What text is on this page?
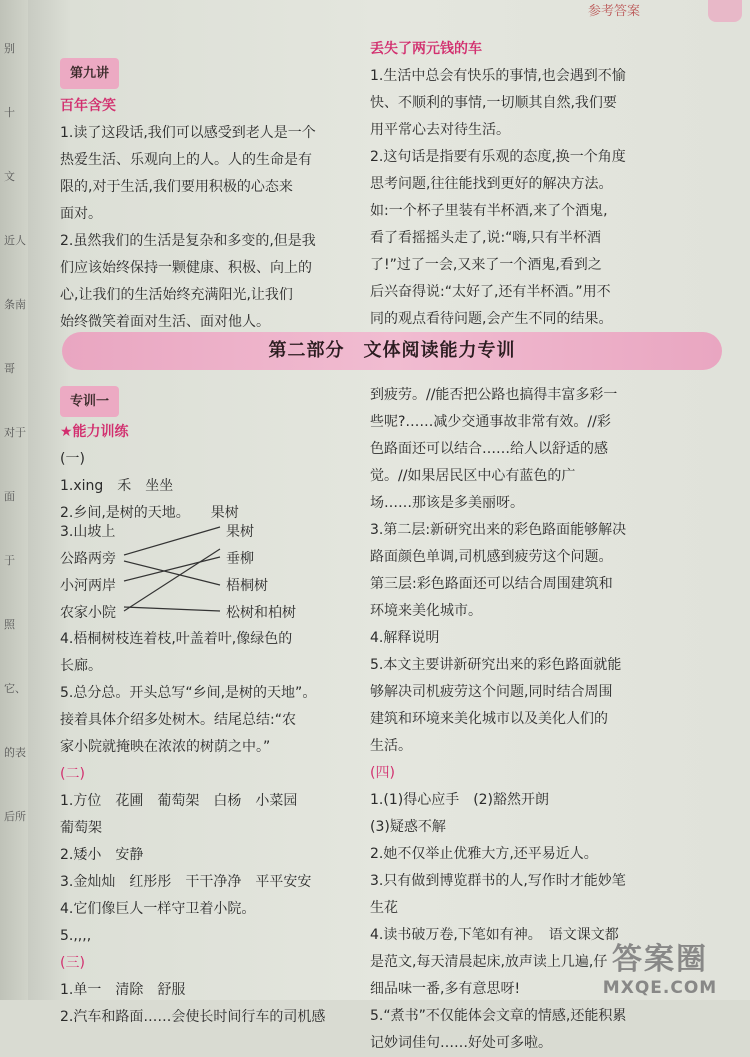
别
十
文
近人
条南
哥
对于
面
于
照
它、
的表
后所
参考答案
第九讲
百年含笑

1.读了这段话,我们可以感受到老人是一个

热爱生活、乐观向上的人。人的生命是有

限的,对于生活,我们要用积极的心态来

面对。

2.虽然我们的生活是复杂和多变的,但是我

们应该始终保持一颗健康、积极、向上的

心,让我们的生活始终充满阳光,让我们

始终微笑着面对生活、面对他人。

丢失了两元钱的车

1.生活中总会有快乐的事情,也会遇到不愉

快、不顺利的事情,一切顺其自然,我们要

用平常心去对待生活。

2.这句话是指要有乐观的态度,换一个角度

思考问题,往往能找到更好的解决方法。

如:一个杯子里装有半杯酒,来了个酒鬼,

看了看摇摇头走了,说:“嗨,只有半杯酒

了!”过了一会,又来了一个酒鬼,看到之

后兴奋得说:“太好了,还有半杯酒。”用不

同的观点看待问题,会产生不同的结果。

第二部分　文体阅读能力专训
专训一
★能力训练

(一)

1.xing　禾　坐坐

2.乡间,是树的天地。　　果树

3.山坡上
公路两旁
小河两岸
农家小院
果树
垂柳
梧桐树
松树和柏树

4.梧桐树枝连着枝,叶盖着叶,像绿色的

长廊。

5.总分总。开头总写“乡间,是树的天地”。

接着具体介绍多处树木。结尾总结:“农

家小院就掩映在浓浓的树荫之中。”

(二)

1.方位　花圃　葡萄架　白杨　小菜园

葡萄架

2.矮小　安静

3.金灿灿　红彤彤　干干净净　平平安安

4.它们像巨人一样守卫着小院。

5.,,,,

(三)

1.单一　清除　舒服

2.汽车和路面……会使长时间行车的司机感

到疲劳。//能否把公路也搞得丰富多彩一

些呢?……减少交通事故非常有效。//彩

色路面还可以结合……给人以舒适的感

觉。//如果居民区中心有蓝色的广

场……那该是多美丽呀。

3.第二层:新研究出来的彩色路面能够解决

路面颜色单调,司机感到疲劳这个问题。

第三层:彩色路面还可以结合周围建筑和

环境来美化城市。

4.解释说明

5.本文主要讲新研究出来的彩色路面就能

够解决司机疲劳这个问题,同时结合周围

建筑和环境来美化城市以及美化人们的

生活。

(四)

1.(1)得心应手　(2)豁然开朗

(3)疑惑不解

2.她不仅举止优雅大方,还平易近人。

3.只有做到博览群书的人,写作时才能妙笔

生花

4.读书破万卷,下笔如有神。　语文课文都

是范文,每天清晨起床,放声读上几遍,仔

细品味一番,多有意思呀!

5.“煮书”不仅能体会文章的情感,还能积累

记妙词佳句……好处可多啦。

答案圈
MXQE.COM
